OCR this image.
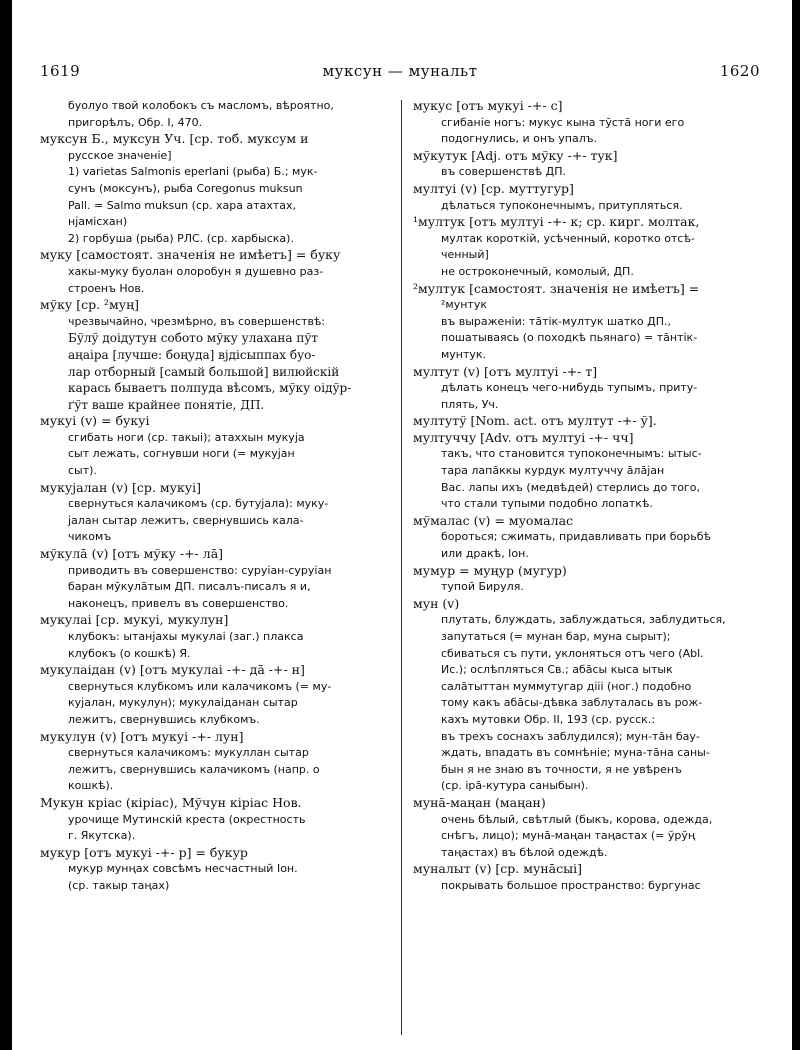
1619	муксун — мунальт	1620
буолуо твой колобокъ съ масломъ, вѣроятно,
пригорѣлъ, Обр. І, 470.
муксун Б., муксун Уч. [ср. тоб. муксум и
русское значеніе]
1) varietas Salmonis eperlani (рыба) Б.; мук-
сунъ (моксунъ), рыба Coregonus muksun
Pall. = Salmo muksun (ср. хара атахтах,
нјамісхан)
2) горбуша (рыба) РЛС. (ср. харбыска).
муку [самостоят. значенія не имѣетъ] = буку
хакы-муку буолан олоробун я душевно раз-
строенъ Нов.
мўку [ср. ²муң]
чрезвычайно, чрезмѣрно, въ совершенствѣ:
Бўлў доідутун собото мўку улахана пўт
аңаіра [лучше: боңуда] вјдісыппах буо-
лар отборный [самый большой] вилюйскій
карась бываетъ полпуда вѣсомъ, мўку оідўр-
ґўт ваше крайнее понятіе, ДП.
мукуі (v) = букуі
сгибать ноги (ср. такыі); атаххын мукуја
сыт лежать, согнувши ноги (= мукујан
сыт).
мукујалан (v) [ср. мукуі]
свернуться калачикомъ (ср. бутујала): муку-
јалан сытар лежитъ, свернувшись кала-
чикомъ
мўкулā (v) [отъ мўку -+- лā]
приводить въ совершенство: суруіан-суруіан
баран мўкулāтым ДП. писалъ-писалъ я и,
наконецъ, привелъ въ совершенство.
мукулаі [ср. мукуі, мукулун]
клубокъ: ытанјахы мукулаі (заг.) плакса
клубокъ (о кошкѣ) Я.
мукулаідан (v) [отъ мукулаі -+- дā -+- н]
свернуться клубкомъ или калачикомъ (= му-
кујалан, мукулун); мукулаіданан сытар
лежитъ, свернувшись клубкомъ.
мукулун (v) [отъ мукуі -+- лун]
свернуться калачикомъ: мукуллан сытар
лежитъ, свернувшись калачикомъ (напр. о
кошкѣ).
Мукун кріас (кіріас), Мўчун кіріас Нов.
урочище Мутинскій креста (окрестность
г. Якутска).
мукур [отъ мукуі -+- р] = букур
мукур мунңах совсѣмъ несчастный Іон.
(ср. такыр таңах)
мукус [отъ мукуі -+- с]
сгибаніе ногъ: мукус кына тўстā ноги его
подогнулись, и онъ упалъ.
мўкутук [Adj. отъ мўку -+- тук]
въ совершенствѣ ДП.
мултуі (v) [ср. муттугур]
дѣлаться тупоконечнымъ, притупляться.
¹мултук [отъ мултуі -+- к; ср. кирг. молтак,
мултак короткій, усѣченный, коротко отсѣ-
ченный]
не остроконечный, комолый, ДП.
²мултук [самостоят. значенія не имѣетъ] =
²мунтук
въ выраженіи: тāтік-мултук шатко ДП.,
пошатываясь (о походкѣ пьянаго) = тāнтік-
мунтук.
мултут (v) [отъ мултуі -+- т]
дѣлать конецъ чего-нибудь тупымъ, приту-
плять, Уч.
мултутў [Nom. act. отъ мултут -+- ў].
мултуччу [Adv. отъ мултуі -+- чч]
такъ, что становится тупоконечнымъ: ытыс-
тара лапāккы курдук мултуччу āлāјан
Вас. лапы ихъ (медвѣдей) стерлись до того,
что стали тупыми подобно лопаткѣ.
мўмалас (v) = муомалас
бороться; сжимать, придавливать при борьбѣ
или дракѣ, Іон.
мумур = муңур (мугур)
тупой Бируля.
мун (v)
плутать, блуждать, заблуждаться, заблудиться,
запутаться (= мунан бар, муна сырыт);
сбиваться съ пути, уклоняться отъ чего (Abl.
Ис.); ослѣпляться Св.; абāсы кыса ытык
салāтыттан муммутугар дііі (ног.) подобно
тому какъ абāсы-дѣвка заблуталась въ рож-
кахъ мутовки Обр. II, 193 (ср. русск.:
въ трехъ соснахъ заблудился); мун-тāн бау-
ждать, впадать въ сомнѣніе; муна-тāна саны-
бын я не знаю въ точности, я не увѣренъ
(ср. ірā-кутура саныбын).
мунā-маңан (маңан)
очень бѣлый, свѣтлый (быкъ, корова, одежда,
снѣгъ, лицо); мунā-маңан таңастах (= ўрўң
таңастах) въ бѣлой одеждѣ.
муналыт (v) [ср. мунāсыі]
покрывать большое пространство: бургунас
